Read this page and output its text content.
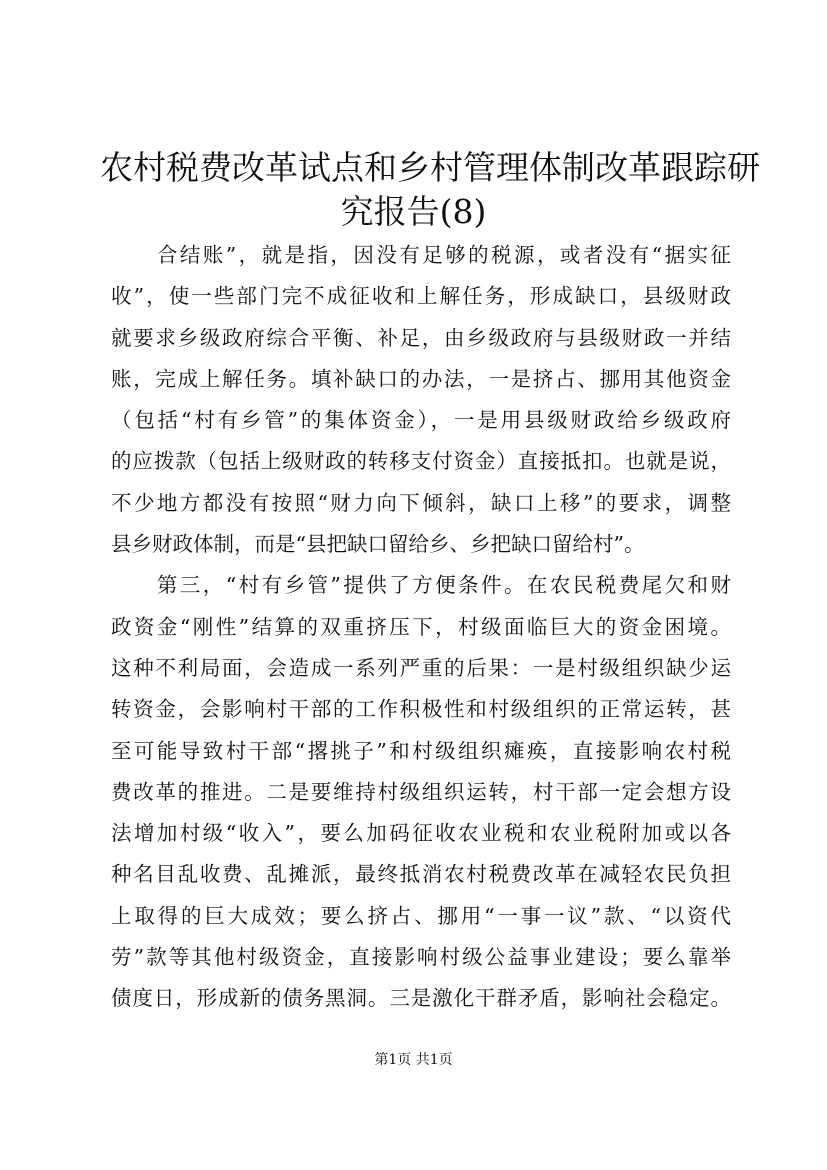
农村税费改革试点和乡村管理体制改革跟踪研
究报告(8)
　　合结账”，就是指，因没有足够的税源，或者没有“据实征
收”，使一些部门完不成征收和上解任务，形成缺口，县级财政
就要求乡级政府综合平衡、补足，由乡级政府与县级财政一并结
账，完成上解任务。填补缺口的办法，一是挤占、挪用其他资金
（包括“村有乡管”的集体资金），一是用县级财政给乡级政府
的应拨款（包括上级财政的转移支付资金）直接抵扣。也就是说，
不少地方都没有按照“财力向下倾斜，缺口上移”的要求，调整
县乡财政体制，而是“县把缺口留给乡、乡把缺口留给村”。
　　第三，“村有乡管”提供了方便条件。在农民税费尾欠和财
政资金“刚性”结算的双重挤压下，村级面临巨大的资金困境。
这种不利局面，会造成一系列严重的后果：一是村级组织缺少运
转资金，会影响村干部的工作积极性和村级组织的正常运转，甚
至可能导致村干部“撂挑子”和村级组织瘫痪，直接影响农村税
费改革的推进。二是要维持村级组织运转，村干部一定会想方设
法增加村级“收入”，要么加码征收农业税和农业税附加或以各
种名目乱收费、乱摊派，最终抵消农村税费改革在减轻农民负担
上取得的巨大成效；要么挤占、挪用“一事一议”款、“以资代
劳”款等其他村级资金，直接影响村级公益事业建设；要么靠举
债度日，形成新的债务黑洞。三是激化干群矛盾，影响社会稳定。
第1页 共1页
